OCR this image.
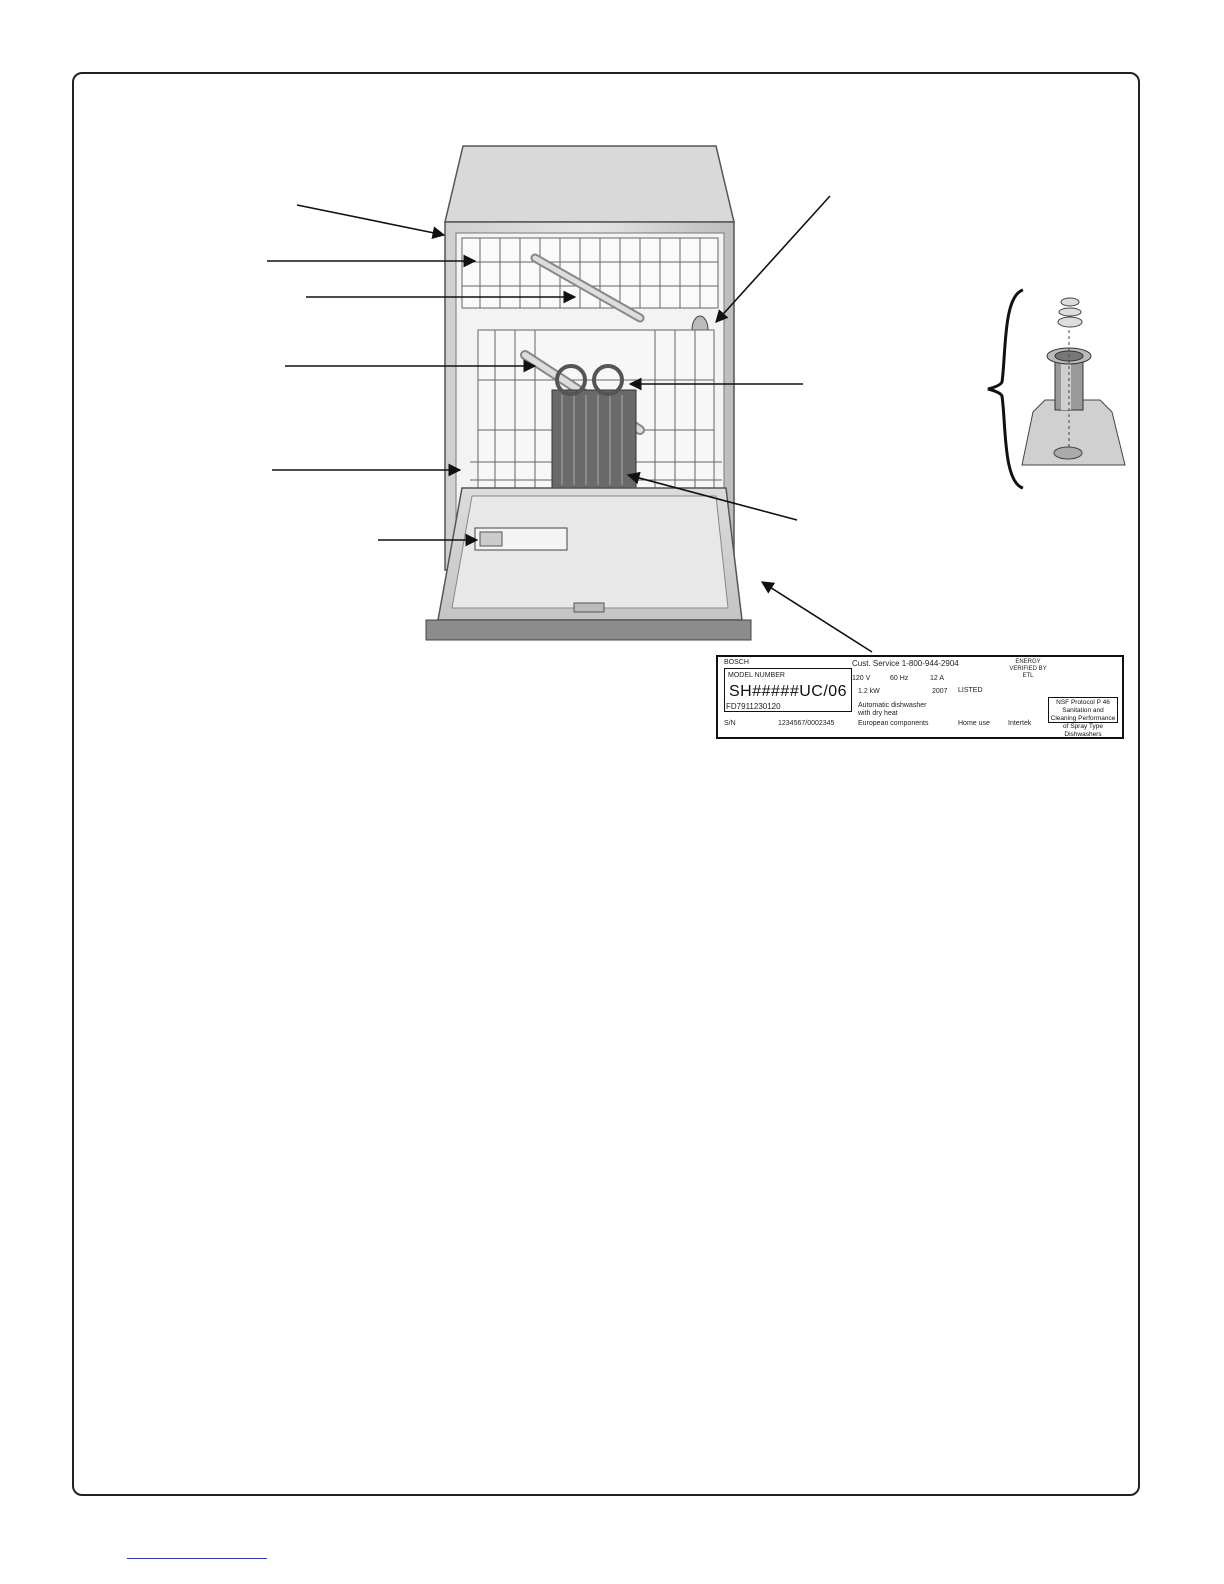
BOSCH
MODEL NUMBER
SH#####UC/06
FD7911230120
S/N	1234567/0002345
Cust. Service 1-800-944-2904
120 V	60 Hz	12 A
1.2 kW	2007
Automatic dishwasher
with dry heat
European components
LISTED
Home use
ENERGY VERIFIED BY ETL
Intertek
NSF Protocol P 46 Sanitation and Cleaning Performance of Spray Type Dishwashers
